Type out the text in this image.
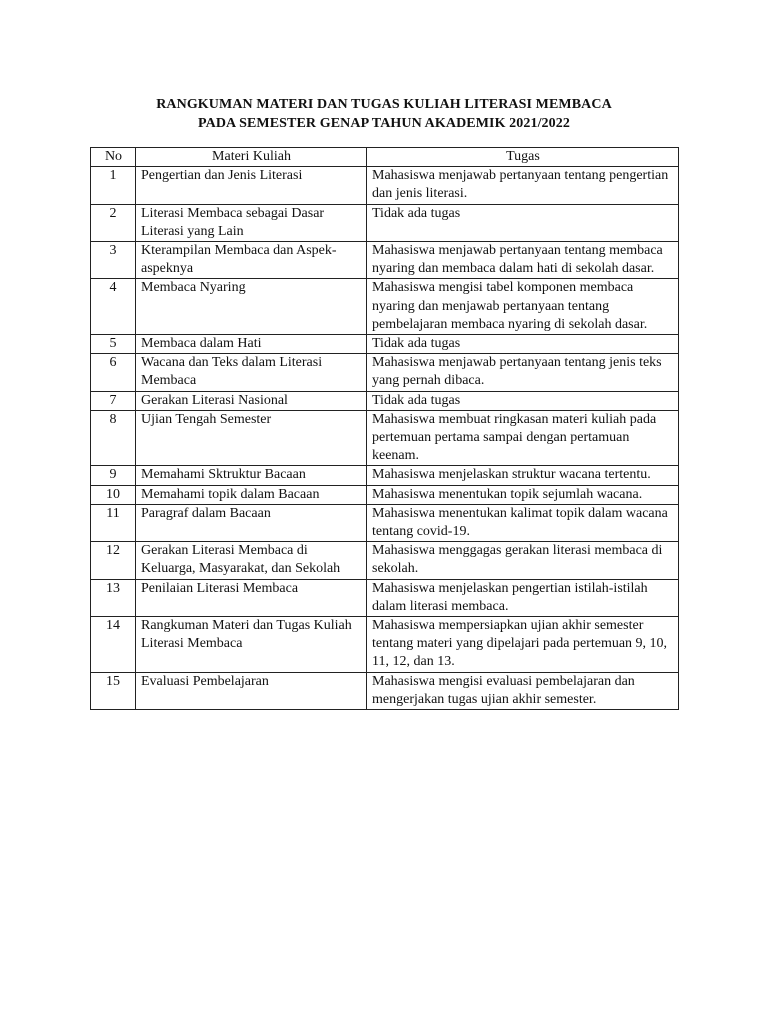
RANGKUMAN MATERI DAN TUGAS KULIAH LITERASI MEMBACA
PADA SEMESTER GENAP TAHUN AKADEMIK 2021/2022
No	Materi Kuliah	Tugas
1	Pengertian dan Jenis Literasi	Mahasiswa menjawab pertanyaan tentang pengertian dan jenis literasi.
2	Literasi Membaca sebagai Dasar Literasi yang Lain	Tidak ada tugas
3	Kterampilan Membaca dan Aspek-aspeknya	Mahasiswa menjawab pertanyaan tentang membaca nyaring dan membaca dalam hati di sekolah dasar.
4	Membaca Nyaring	Mahasiswa mengisi tabel komponen membaca nyaring dan menjawab pertanyaan tentang pembelajaran membaca nyaring di sekolah dasar.
5	Membaca dalam Hati	Tidak ada tugas
6	Wacana dan Teks dalam Literasi Membaca	Mahasiswa menjawab pertanyaan tentang jenis teks yang pernah dibaca.
7	Gerakan Literasi Nasional	Tidak ada tugas
8	Ujian Tengah Semester	Mahasiswa membuat ringkasan materi kuliah pada pertemuan pertama sampai dengan pertamuan keenam.
9	Memahami Sktruktur Bacaan	Mahasiswa menjelaskan struktur wacana tertentu.
10	Memahami topik dalam Bacaan	Mahasiswa menentukan topik sejumlah wacana.
11	Paragraf dalam Bacaan	Mahasiswa menentukan kalimat topik dalam wacana tentang covid-19.
12	Gerakan Literasi Membaca di Keluarga, Masyarakat, dan Sekolah	Mahasiswa menggagas gerakan literasi membaca di sekolah.
13	Penilaian Literasi Membaca	Mahasiswa menjelaskan pengertian istilah-istilah dalam literasi membaca.
14	Rangkuman Materi dan Tugas Kuliah Literasi Membaca	Mahasiswa mempersiapkan ujian akhir semester tentang materi yang dipelajari pada pertemuan 9, 10, 11, 12, dan 13.
15	Evaluasi Pembelajaran	Mahasiswa mengisi evaluasi pembelajaran dan mengerjakan tugas ujian akhir semester.
